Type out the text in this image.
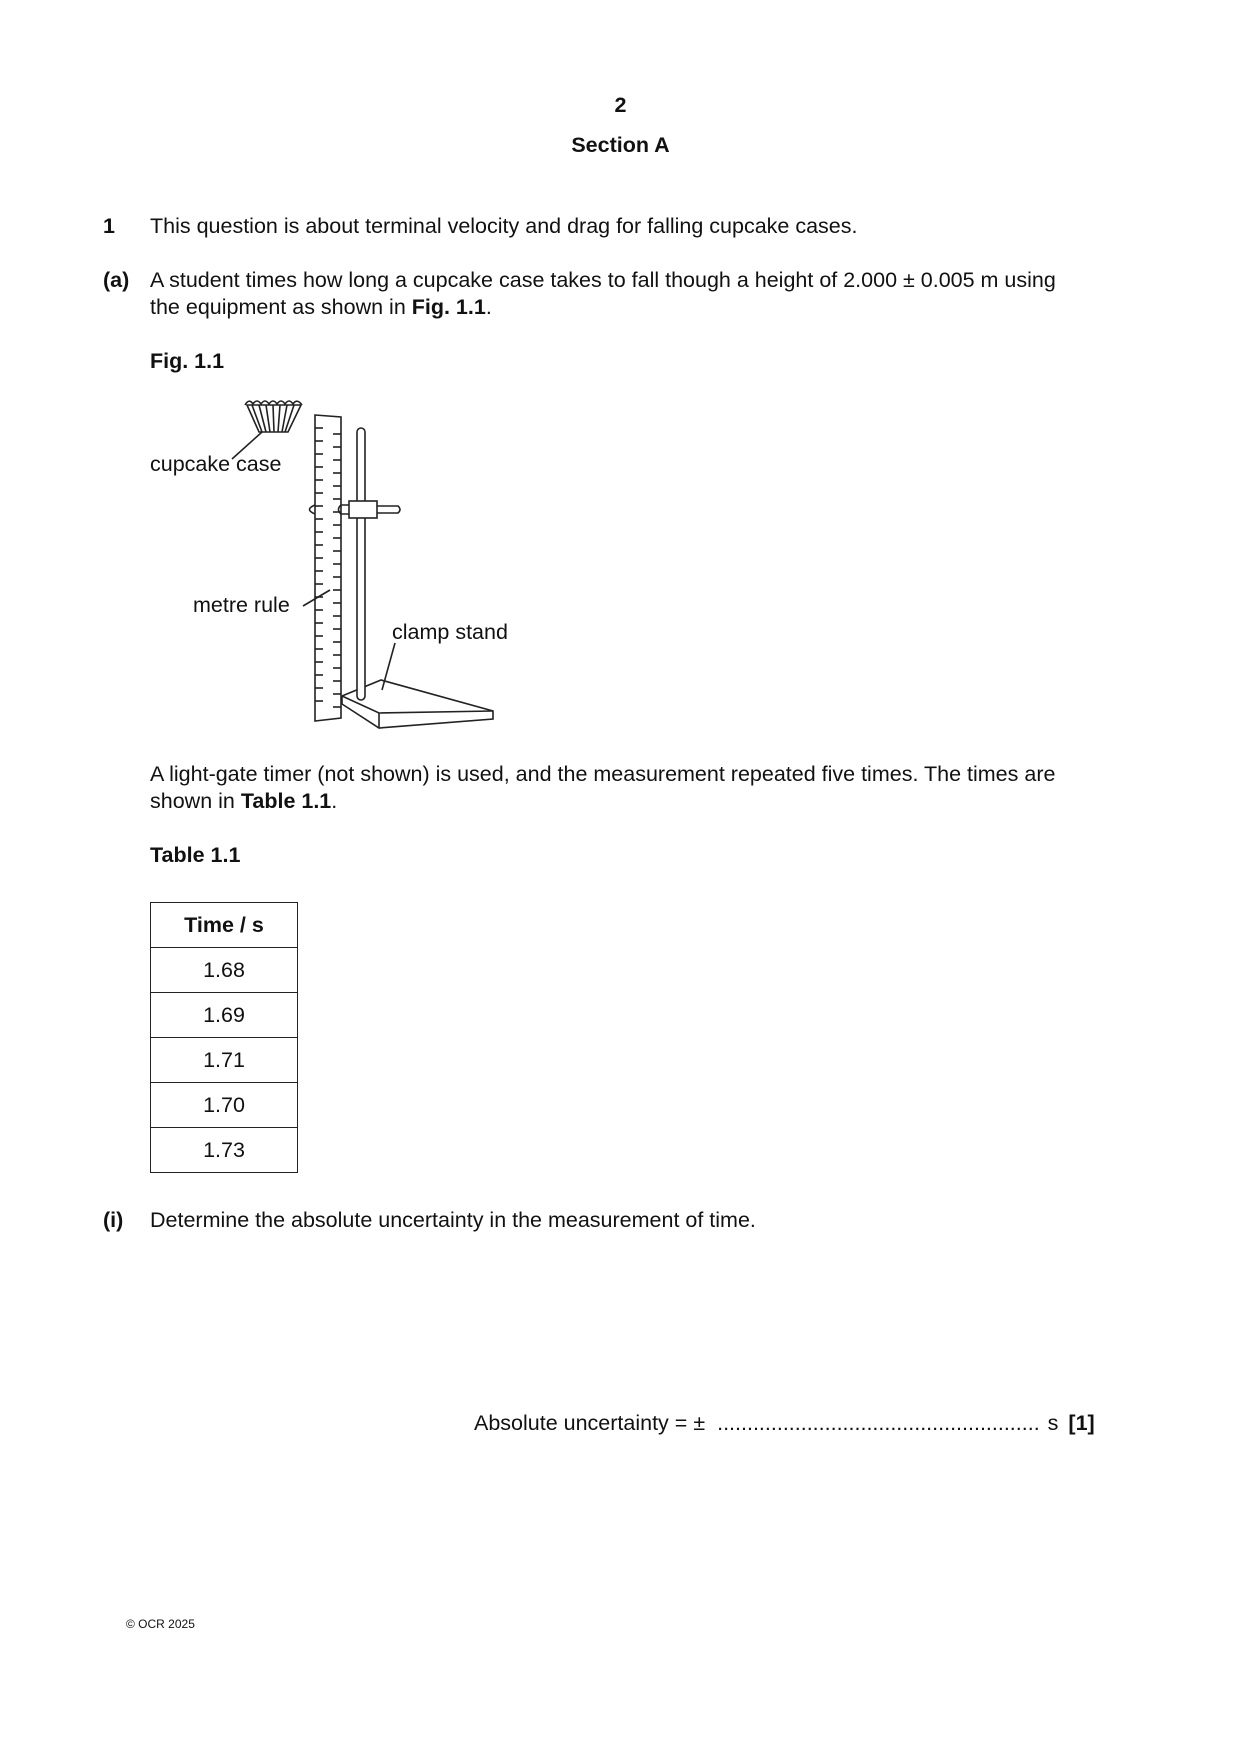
2
Section A
1 This question is about terminal velocity and drag for falling cupcake cases.
(a) A student times how long a cupcake case takes to fall though a height of 2.000 ± 0.005 m using
the equipment as shown in Fig. 1.1.
Fig. 1.1
cupcake case
metre rule
clamp stand
A light-gate timer (not shown) is used, and the measurement repeated five times. The times are
shown in Table 1.1.
Table 1.1
Time / s
1.68
1.69
1.71
1.70
1.73
(i) Determine the absolute uncertainty in the measurement of time.
Absolute uncertainty = ± ...................................................... s [1]
© OCR 2025
